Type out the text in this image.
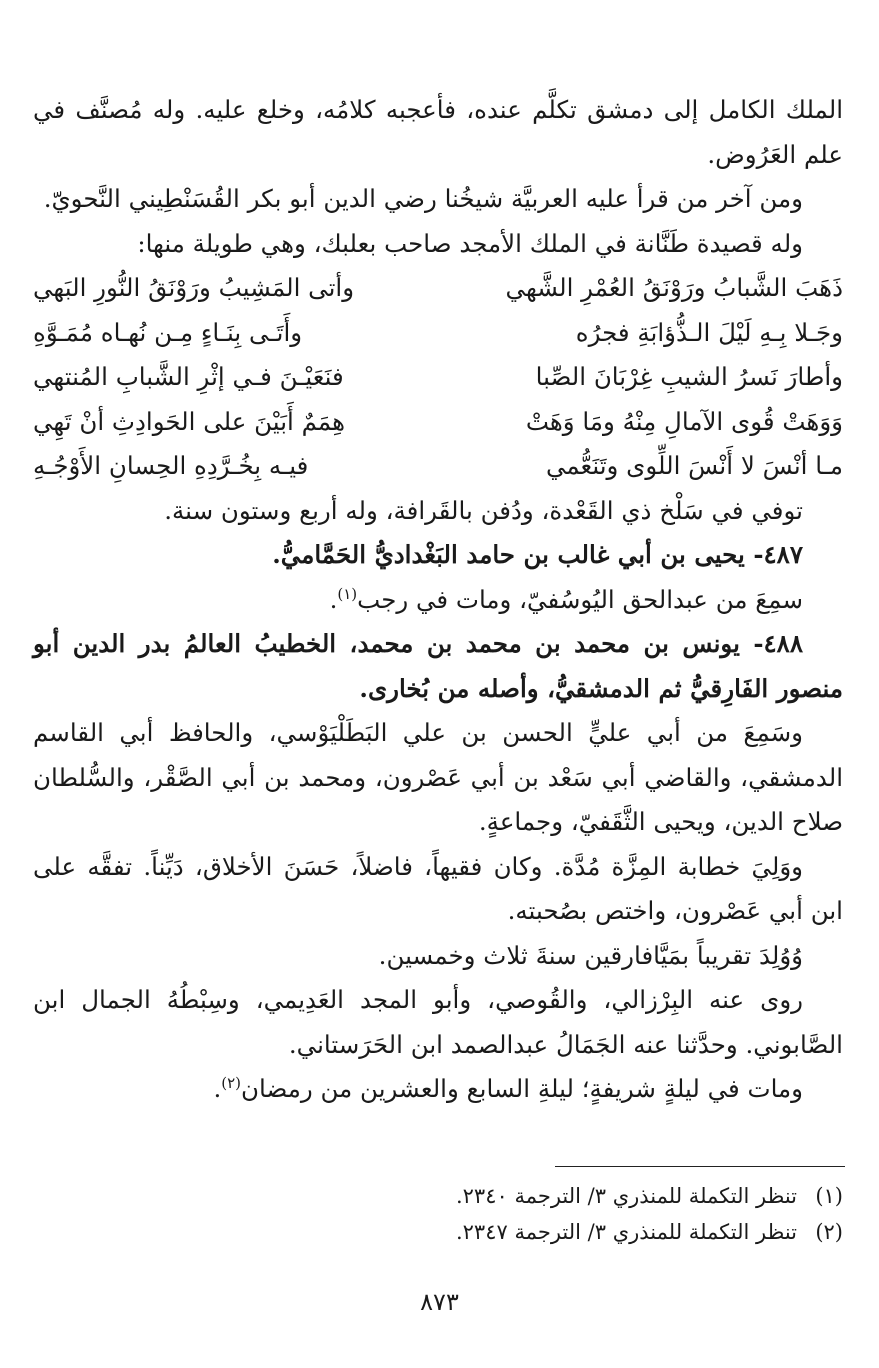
الملك الكامل إلى دمشق تكلَّم عنده، فأعجبه كلامُه، وخلع عليه. وله مُصنَّف في علم العَرُوض.

ومن آخر من قرأ عليه العربيَّة شيخُنا رضي الدين أبو بكر القُسَنْطِيني النَّحويّ.

وله قصيدة طَنَّانة في الملك الأمجد صاحب بعلبك، وهي طويلة منها:

ذَهَبَ الشَّبابُ ورَوْنَقُ العُمْرِ الشَّهي
وأتى المَشِيبُ ورَوْنَقُ النُّورِ البَهي
وجَـلا بِـهِ لَيْلَ الـذُّؤابَةِ فجرُه
وأَتَـى بِنَـاءٍ مِـن نُهـاه مُمَـوَّهِ
وأطارَ نَسرُ الشيبِ غِرْبَانَ الصِّبا
فنَعَيْـنَ فـي إثْرِ الشَّبابِ المُنتهي
وَوَهَتْ قُوى الآمالِ مِنْهُ ومَا وَهَتْ
هِمَمٌ أَبَيْنَ على الحَوادِثِ أنْ تَهِي
مـا أنْسَ لا أَنْسَ اللِّوى وتَنَعُّمي
فيـه بِخُـرَّدِهِ الحِسانِ الأَوْجُـهِ

توفي في سَلْخ ذي القَعْدة، ودُفن بالقَرافة، وله أربع وستون سنة.

٤٨٧- يحيى بن أبي غالب بن حامد البَغْداديُّ الحَمَّاميُّ.

سمِعَ من عبدالحق اليُوسُفيّ، ومات في رجب$^{(١)}$.

٤٨٨- يونس بن محمد بن محمد بن محمد، الخطيبُ العالمُ بدر الدين أبو منصور الفَارِقيُّ ثم الدمشقيُّ، وأصله من بُخارى.

وسَمِعَ من أبي عليٍّ الحسن بن علي البَطَلْيَوْسي، والحافظ أبي القاسم الدمشقي، والقاضي أبي سَعْد بن أبي عَصْرون، ومحمد بن أبي الصَّقْر، والسُّلطان صلاح الدين، ويحيى الثَّقَفيّ، وجماعةٍ.

ووَلِيَ خطابة المِزَّة مُدَّة. وكان فقيهاً، فاضلاً، حَسَنَ الأخلاق، دَيِّناً. تفقَّه على ابن أبي عَصْرون، واختص بصُحبته.

وُوُلِدَ تقريباً بمَيَّافارقين سنةَ ثلاث وخمسين.

روى عنه البِرْزالي، والقُوصي، وأبو المجد العَدِيمي، وسِبْطُهُ الجمال ابن الصَّابوني. وحدَّثنا عنه الجَمَالُ عبدالصمد ابن الحَرَستاني.

ومات في ليلةٍ شريفةٍ؛ ليلةِ السابع والعشرين من رمضان$^{(٢)}$.

(١)تنظر التكملة للمنذري ٣/ الترجمة ٢٣٤٠.

(٢)تنظر التكملة للمنذري ٣/ الترجمة ٢٣٤٧.

٨٧٣
